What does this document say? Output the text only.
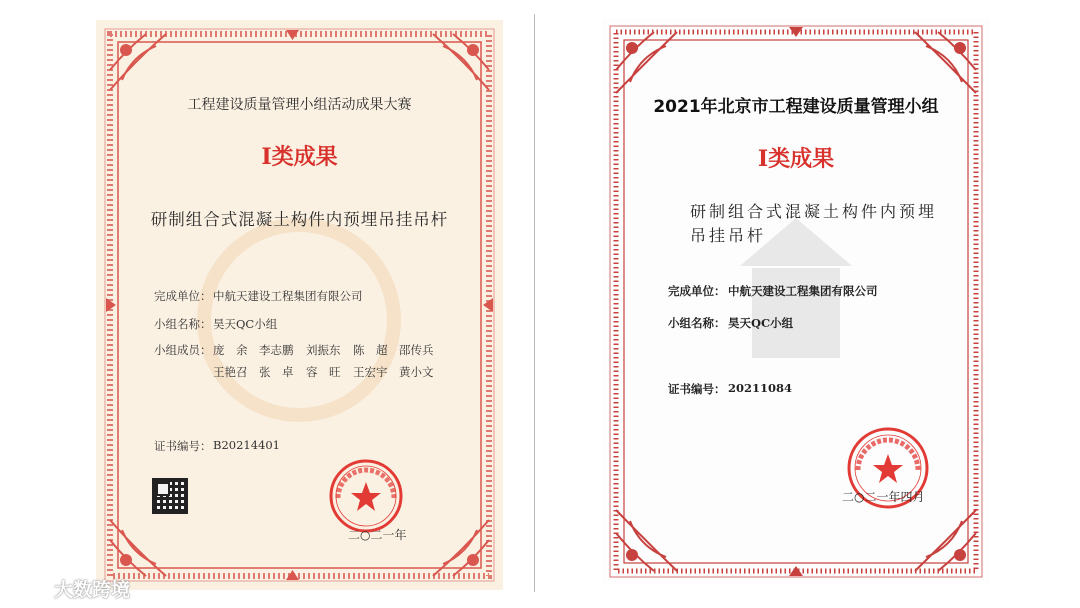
工程建设质量管理小组活动成果大赛
Ⅰ类成果
研制组合式混凝土构件内预埋吊挂吊杆
完成单位： 中航天建设工程集团有限公司
小组名称： 昊天QC小组
小组成员： 庞　余 李志鹏 刘振东 陈　超 邵传兵
王艳召 张　卓 容　旺 王宏宇 黄小文
证书编号： B20214401
二○二一年
2021年北京市工程建设质量管理小组
Ⅰ类成果
研制组合式混凝土构件内预埋吊挂吊杆
完成单位： 中航天建设工程集团有限公司
小组名称： 昊天QC小组
证书编号： 20211084
二○二一年四月
大数跨境
